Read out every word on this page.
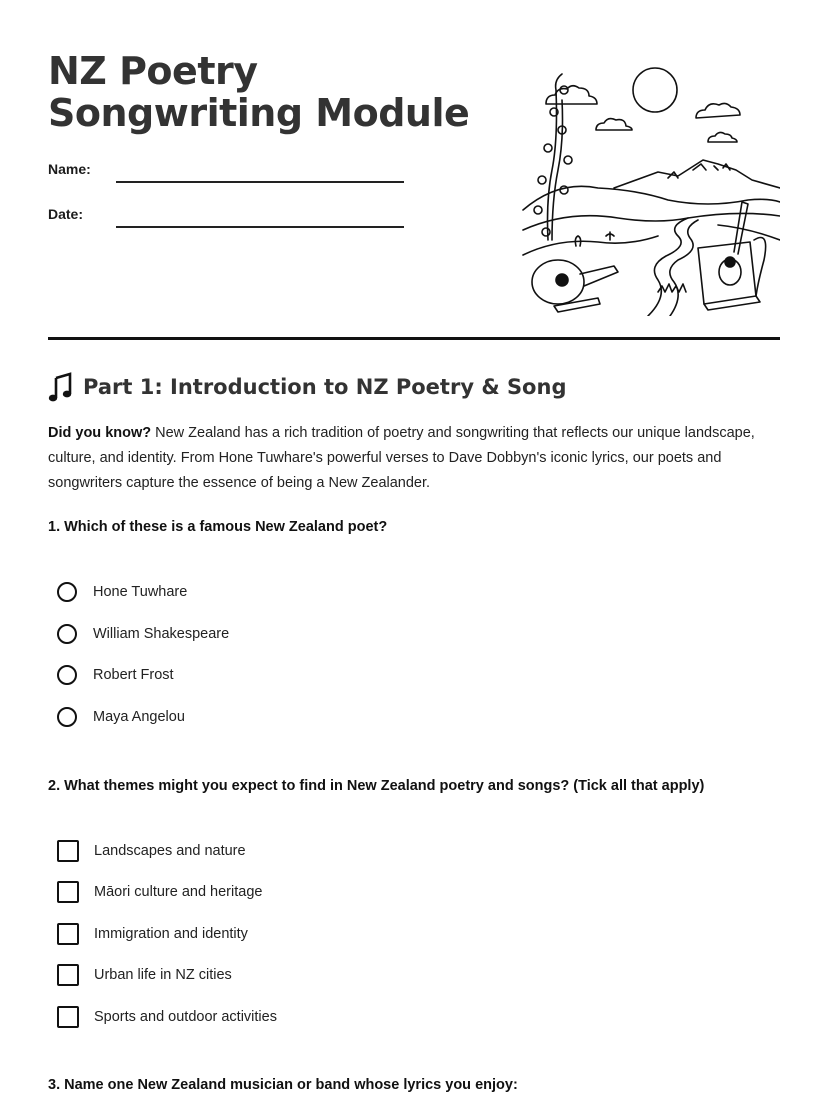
NZ Poetry Songwriting Module
Name:
Date:
Part 1: Introduction to NZ Poetry & Song
Did you know? New Zealand has a rich tradition of poetry and songwriting that reflects our unique landscape, culture, and identity. From Hone Tuwhare's powerful verses to Dave Dobbyn's iconic lyrics, our poets and songwriters capture the essence of being a New Zealander.
1. Which of these is a famous New Zealand poet?
Hone Tuwhare
William Shakespeare
Robert Frost
Maya Angelou
2. What themes might you expect to find in New Zealand poetry and songs? (Tick all that apply)
Landscapes and nature
Māori culture and heritage
Immigration and identity
Urban life in NZ cities
Sports and outdoor activities
3. Name one New Zealand musician or band whose lyrics you enjoy:
